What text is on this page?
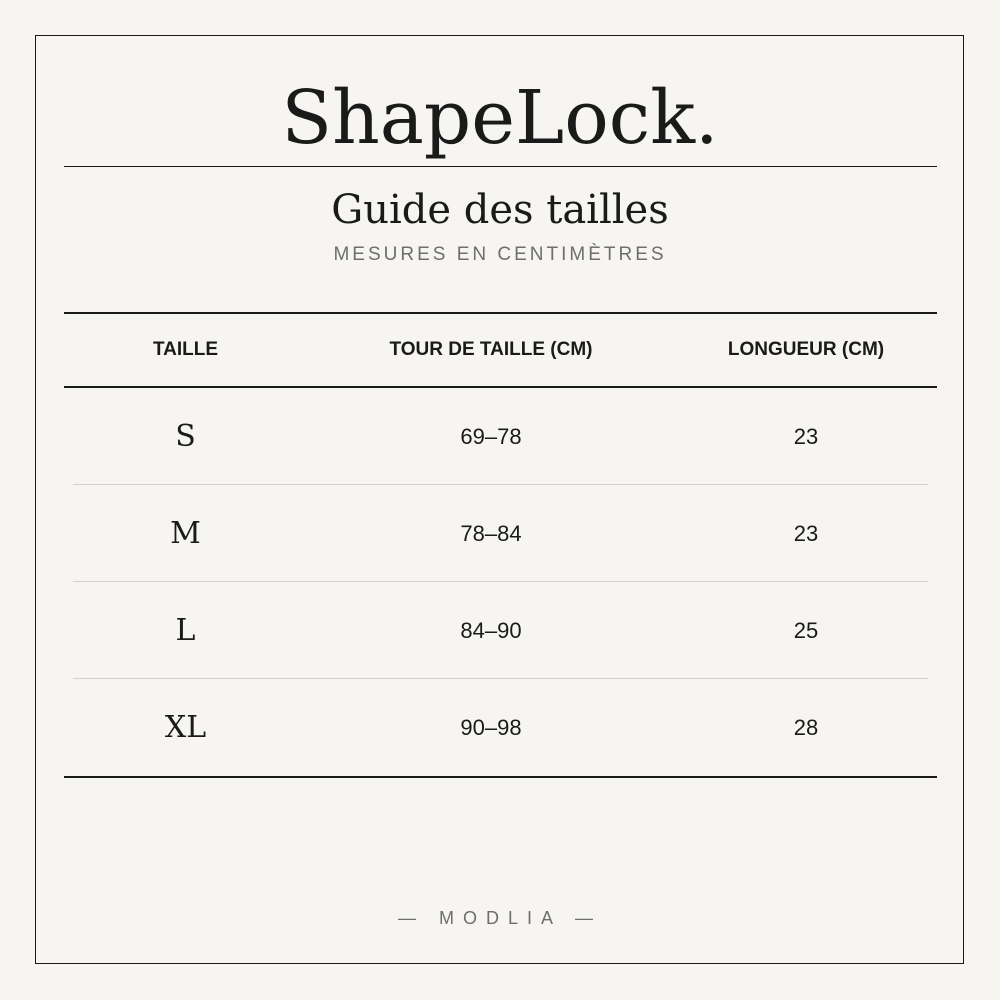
ShapeLock.
Guide des tailles
MESURES EN CENTIMÈTRES
TAILLE	TOUR DE TAILLE (CM)	LONGUEUR (CM)
S	69–78	23
M	78–84	23
L	84–90	25
XL	90–98	28
— MODLIA —
